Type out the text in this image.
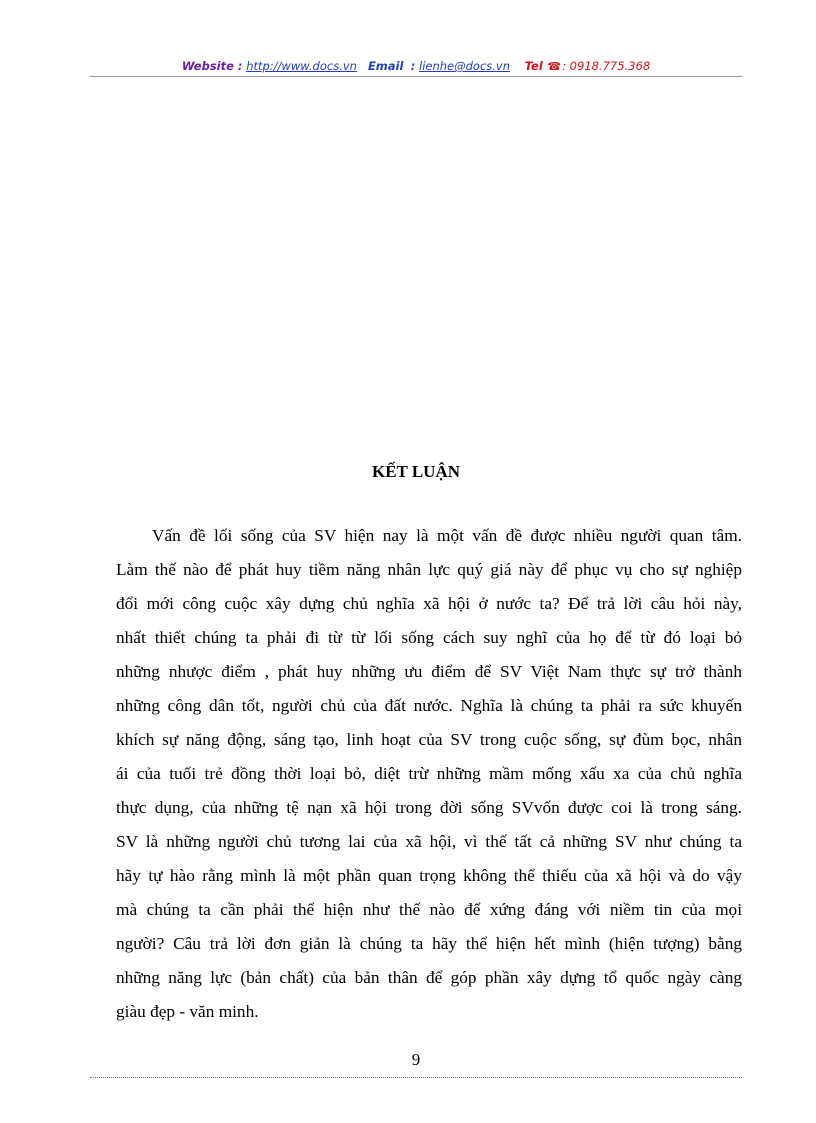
Website : http://www.docs.vn Email : lienhe@docs.vn Tel ☎: 0918.775.368
KẾT LUẬN
Vấn đề lối sống của SV hiện nay là một vấn đề được nhiều người quan tâm.
Làm thế nào để phát huy tiềm năng nhân lực quý giá này để phục vụ cho sự nghiệp
đổi mới công cuộc xây dựng chủ nghĩa xã hội ở nước ta? Để trả lời câu hỏi này,
nhất thiết chúng ta phải đi từ từ lối sống cách suy nghĩ của họ để từ đó loại bỏ
những nhược điểm , phát huy những ưu điểm để SV Việt Nam thực sự trở thành
những công dân tốt, người chủ của đất nước. Nghĩa là chúng ta phải ra sức khuyến
khích sự năng động, sáng tạo, linh hoạt của SV trong cuộc sống, sự đùm bọc, nhân
ái của tuổi trẻ đồng thời loại bỏ, diệt trừ những mầm mống xấu xa của chủ nghĩa
thực dụng, của những tệ nạn xã hội trong đời sống SVvốn được coi là trong sáng.
SV là những người chủ tương lai của xã hội, vì thế tất cả những SV như chúng ta
hãy tự hào rằng mình là một phần quan trọng không thể thiếu của xã hội và do vậy
mà chúng ta cần phải thể hiện như thế nào để xứng đáng với niềm tin của mọi
người? Câu trả lời đơn giản là chúng ta hãy thể hiện hết mình (hiện tượng) bằng
những năng lực (bản chất) của bản thân để góp phần xây dựng tổ quốc ngày càng
giàu đẹp - văn minh.
9
